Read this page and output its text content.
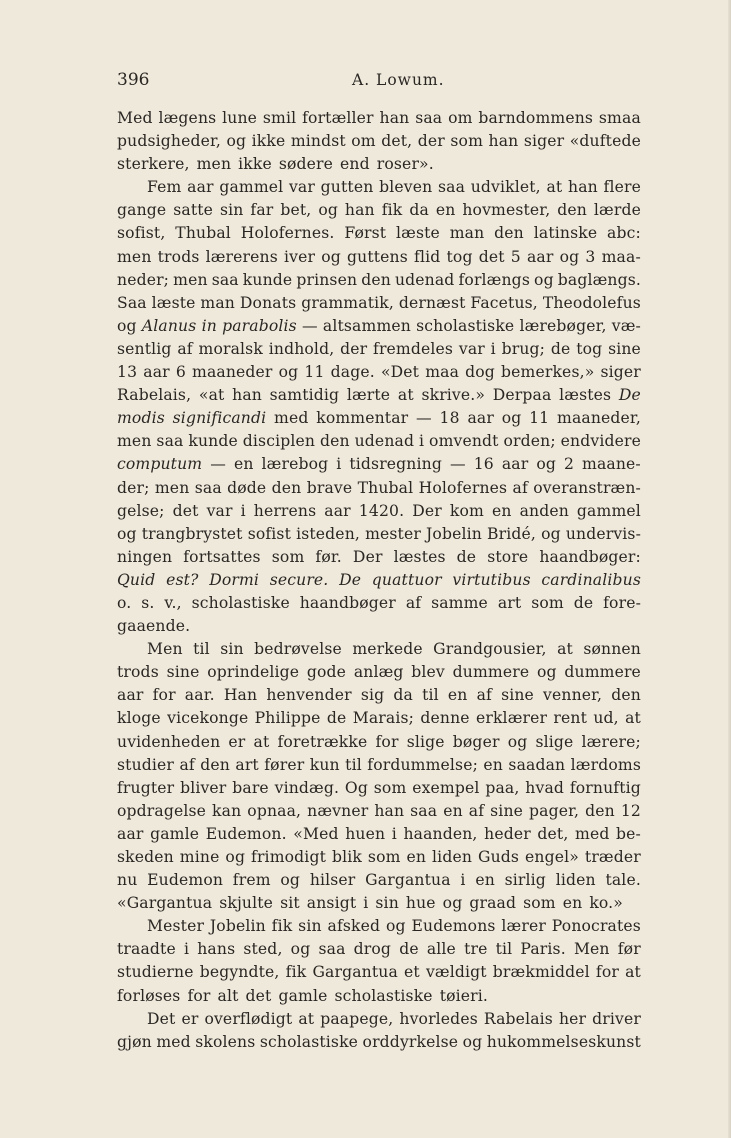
396	A. Lowum.
Med lægens lune smil fortæller han saa om barndommens smaa
pudsigheder, og ikke mindst om det, der som han siger «duftede
sterkere, men ikke sødere end roser».
Fem aar gammel var gutten bleven saa udviklet, at han flere
gange satte sin far bet, og han fik da en hovmester, den lærde
sofist, Thubal Holofernes. Først læste man den latinske abc:
men trods lærerens iver og guttens flid tog det 5 aar og 3 maa-
neder; men saa kunde prinsen den udenad forlængs og baglængs.
Saa læste man Donats grammatik, dernæst Facetus, Theodolefus
og Alanus in parabolis — altsammen scholastiske lærebøger, væ-
sentlig af moralsk indhold, der fremdeles var i brug; de tog sine
13 aar 6 maaneder og 11 dage. «Det maa dog bemerkes,» siger
Rabelais, «at han samtidig lærte at skrive.» Derpaa læstes De
modis significandi med kommentar — 18 aar og 11 maaneder,
men saa kunde disciplen den udenad i omvendt orden; endvidere
computum — en lærebog i tidsregning — 16 aar og 2 maane-
der; men saa døde den brave Thubal Holofernes af overanstræn-
gelse; det var i herrens aar 1420. Der kom en anden gammel
og trangbrystet sofist isteden, mester Jobelin Bridé, og undervis-
ningen fortsattes som før. Der læstes de store haandbøger:
Quid est? Dormi secure. De quattuor virtutibus cardinalibus
o. s. v., scholastiske haandbøger af samme art som de fore-
gaaende.
Men til sin bedrøvelse merkede Grandgousier, at sønnen
trods sine oprindelige gode anlæg blev dummere og dummere
aar for aar. Han henvender sig da til en af sine venner, den
kloge vicekonge Philippe de Marais; denne erklærer rent ud, at
uvidenheden er at foretrække for slige bøger og slige lærere;
studier af den art fører kun til fordummelse; en saadan lærdoms
frugter bliver bare vindæg. Og som exempel paa, hvad fornuftig
opdragelse kan opnaa, nævner han saa en af sine pager, den 12
aar gamle Eudemon. «Med huen i haanden, heder det, med be-
skeden mine og frimodigt blik som en liden Guds engel» træder
nu Eudemon frem og hilser Gargantua i en sirlig liden tale.
«Gargantua skjulte sit ansigt i sin hue og graad som en ko.»
Mester Jobelin fik sin afsked og Eudemons lærer Ponocrates
traadte i hans sted, og saa drog de alle tre til Paris. Men før
studierne begyndte, fik Gargantua et vældigt brækmiddel for at
forløses for alt det gamle scholastiske tøieri.
Det er overflødigt at paapege, hvorledes Rabelais her driver
gjøn med skolens scholastiske orddyrkelse og hukommelseskunst
